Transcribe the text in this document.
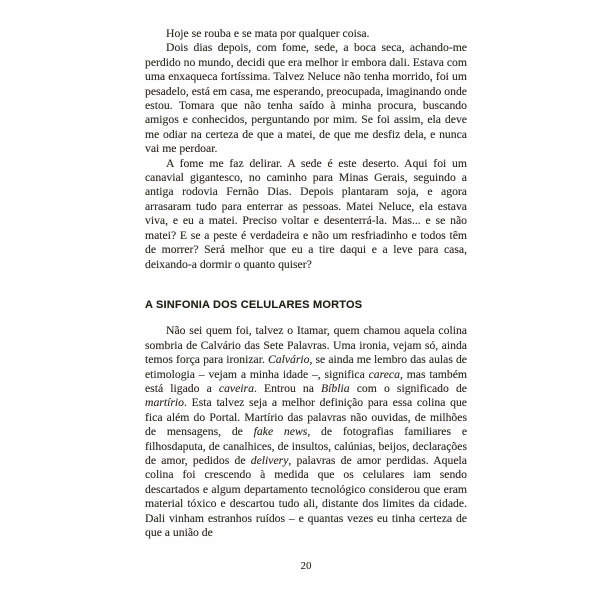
Hoje se rouba e se mata por qualquer coisa.

Dois dias depois, com fome, sede, a boca seca, achando-me perdido no mundo, decidi que era melhor ir embora dali. Estava com uma enxaqueca fortíssima. Talvez Neluce não tenha morrido, foi um pesadelo, está em casa, me esperando, preocupada, imaginando onde estou. Tomara que não tenha saído à minha procura, buscando amigos e conhecidos, perguntando por mim. Se foi assim, ela deve me odiar na certeza de que a matei, de que me desfiz dela, e nunca vai me perdoar.

A fome me faz delirar. A sede é este deserto. Aqui foi um canavial gigantesco, no caminho para Minas Gerais, seguindo a antiga rodovia Fernão Dias. Depois plantaram soja, e agora arrasaram tudo para enterrar as pessoas. Matei Neluce, ela estava viva, e eu a matei. Preciso voltar e desenterrá-la. Mas... e se não matei? E se a peste é verdadeira e não um resfriadinho e todos têm de morrer? Será melhor que eu a tire daqui e a leve para casa, deixando-a dormir o quanto quiser?

A SINFONIA DOS CELULARES MORTOS

Não sei quem foi, talvez o Itamar, quem chamou aquela colina sombria de Calvário das Sete Palavras. Uma ironia, vejam só, ainda temos força para ironizar. Calvário, se ainda me lembro das aulas de etimologia – vejam a minha idade –, significa careca, mas também está ligado a caveira. Entrou na Bíblia com o significado de martírio. Esta talvez seja a melhor definição para essa colina que fica além do Portal. Martírio das palavras não ouvidas, de milhões de mensagens, de fake news, de fotografias familiares e filhosdaputa, de canalhices, de insultos, calúnias, beijos, declarações de amor, pedidos de delivery, palavras de amor perdidas. Aquela colina foi crescendo à medida que os celulares iam sendo descartados e algum departamento tecnológico considerou que eram material tóxico e descartou tudo ali, distante dos limites da cidade. Dali vinham estranhos ruídos – e quantas vezes eu tinha certeza de que a união de

20
